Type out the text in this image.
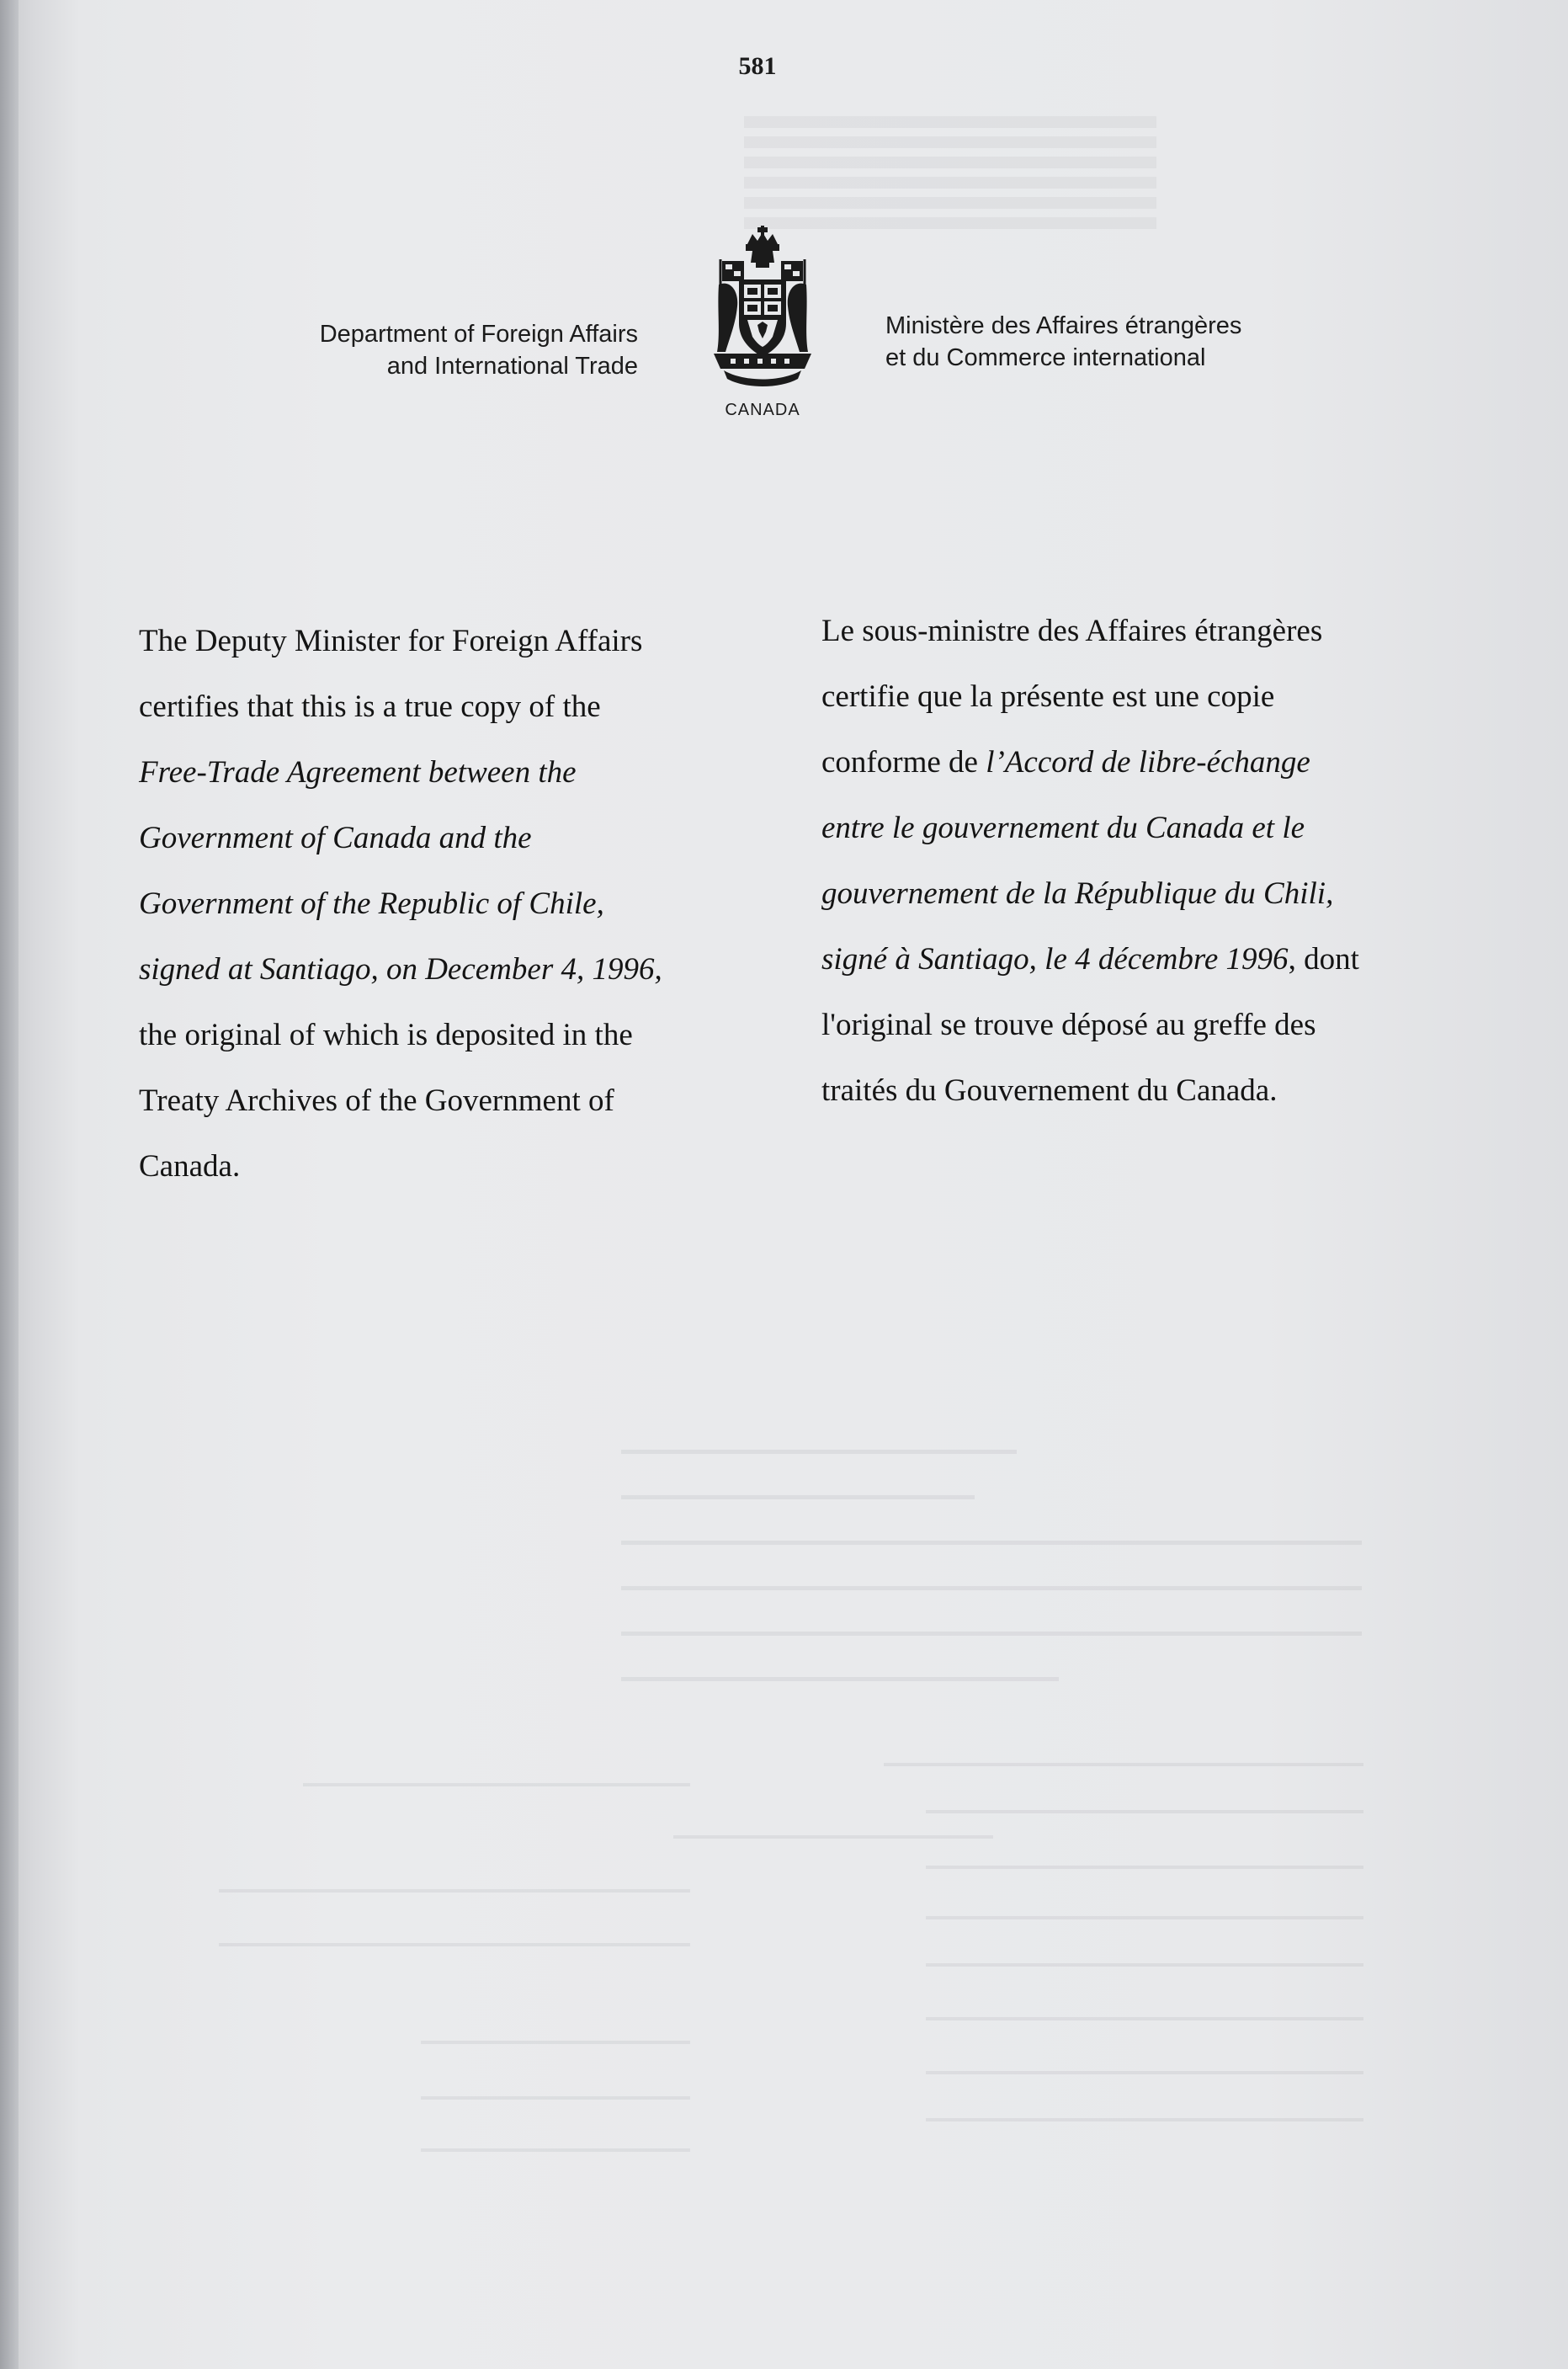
581
Department of Foreign Affairs
and International Trade
CANADA
Ministère des Affaires étrangères
et du Commerce international
The Deputy Minister for Foreign Affairs
certifies that this is a true copy of the
Free-Trade Agreement between the
Government of Canada and the
Government of the Republic of Chile,
signed at Santiago, on December 4, 1996,
the original of which is deposited in the
Treaty Archives of the Government of
Canada.
Le sous-ministre des Affaires étrangères
certifie que la présente est une copie
conforme de l’Accord de libre-échange
entre le gouvernement du Canada et le
gouvernement de la République du Chili,
signé à Santiago, le 4 décembre 1996, dont
l'original se trouve déposé au greffe des
traités du Gouvernement du Canada.
